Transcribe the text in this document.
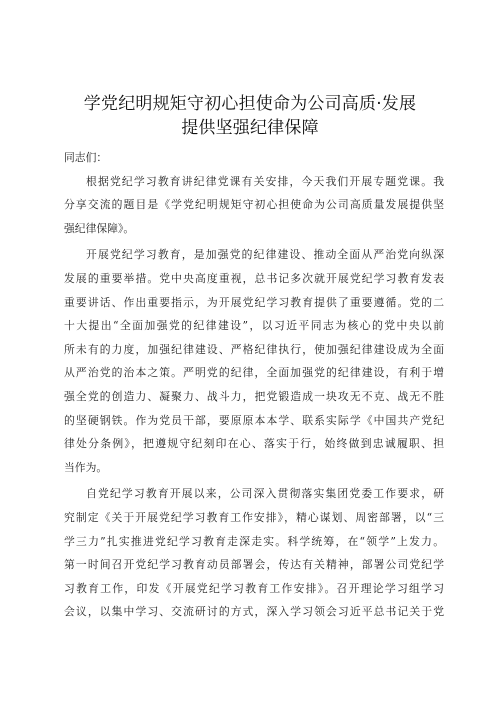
学党纪明规矩守初心担使命为公司高质·发展
提供坚强纪律保障

同志们：

根据党纪学习教育讲纪律党课有关安排，今天我们开展专题党课。我
分享交流的题目是《学党纪明规矩守初心担使命为公司高质量发展提供坚
强纪律保障》。

开展党纪学习教育，是加强党的纪律建设、推动全面从严治党向纵深
发展的重要举措。党中央高度重视，总书记多次就开展党纪学习教育发表
重要讲话、作出重要指示，为开展党纪学习教育提供了重要遵循。党的二
十大提出“全面加强党的纪律建设”，以习近平同志为核心的党中央以前
所未有的力度，加强纪律建设、严格纪律执行，使加强纪律建设成为全面
从严治党的治本之策。严明党的纪律，全面加强党的纪律建设，有利于增
强全党的创造力、凝聚力、战斗力，把党锻造成一块攻无不克、战无不胜
的坚硬钢铁。作为党员干部，要原原本本学、联系实际学《中国共产党纪
律处分条例》，把遵规守纪刻印在心、落实于行，始终做到忠诚履职、担
当作为。

自党纪学习教育开展以来，公司深入贯彻落实集团党委工作要求，研
究制定《关于开展党纪学习教育工作安排》，精心谋划、周密部署，以“三
学三力”扎实推进党纪学习教育走深走实。科学统筹，在“领学”上发力。
第一时间召开党纪学习教育动员部署会，传达有关精神，部署公司党纪学
习教育工作，印发《开展党纪学习教育工作安排》。召开理论学习组学习
会议，以集中学习、交流研讨的方式，深入学习领会习近平总书记关于党
